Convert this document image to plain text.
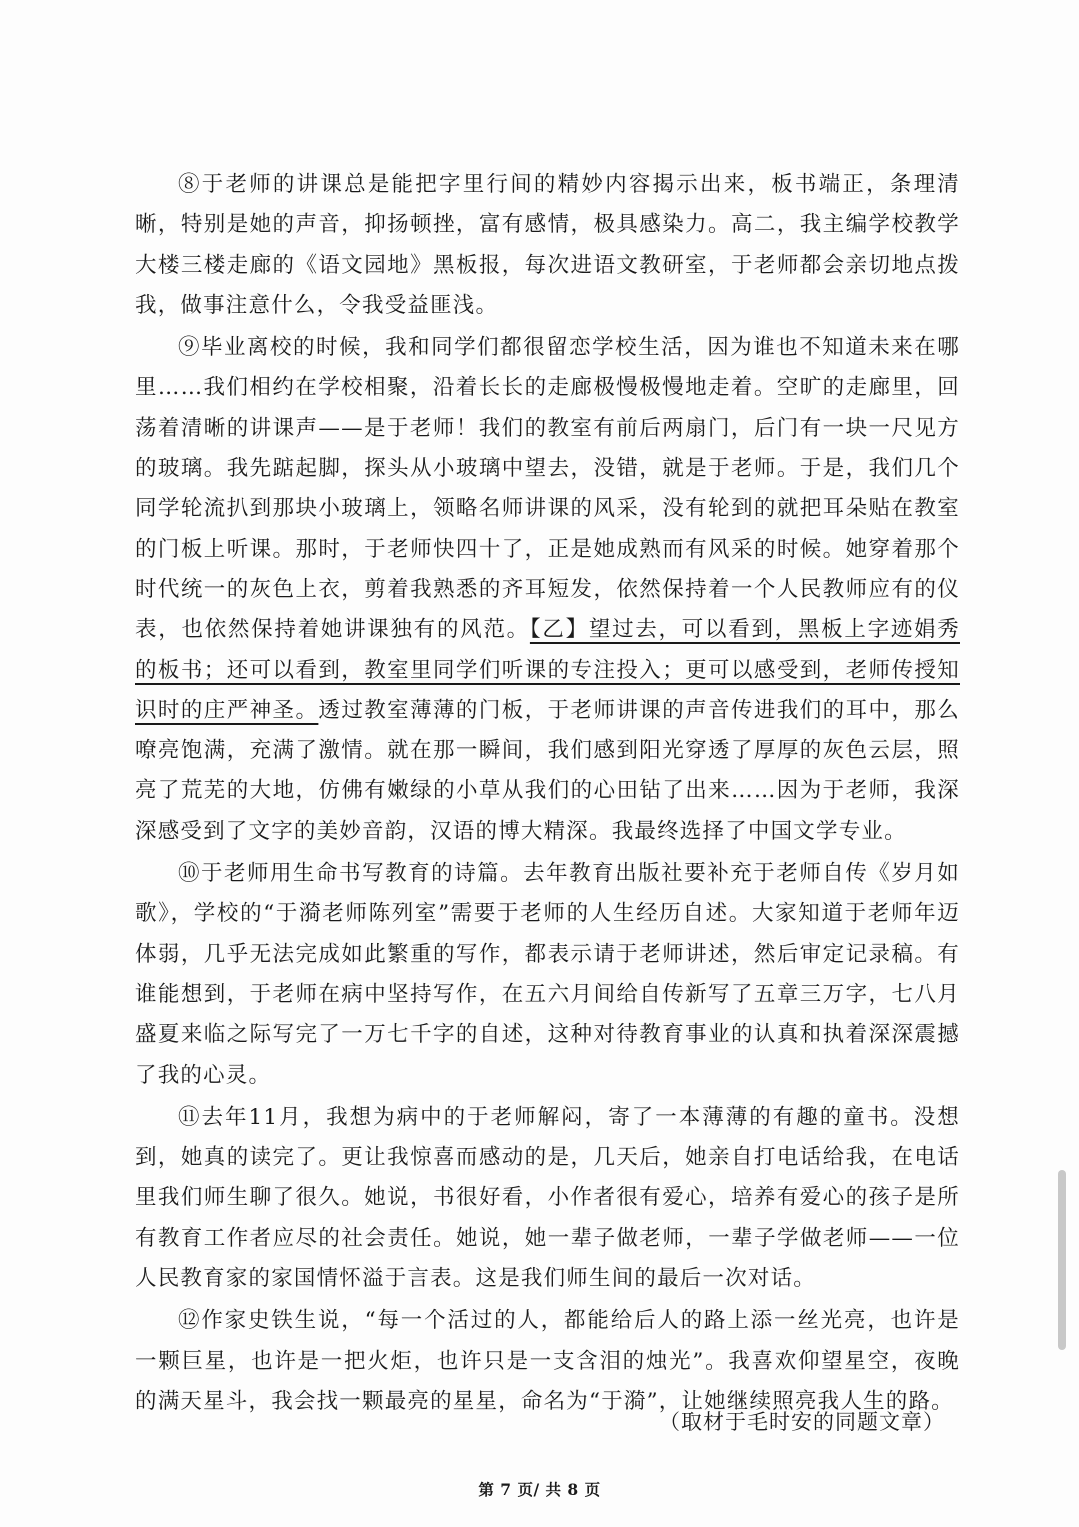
⑧于老师的讲课总是能把字里行间的精妙内容揭示出来，板书端正，条理清晰，特别是她的声音，抑扬顿挫，富有感情，极具感染力。高二，我主编学校教学大楼三楼走廊的《语文园地》黑板报，每次进语文教研室，于老师都会亲切地点拨我，做事注意什么，令我受益匪浅。

⑨毕业离校的时候，我和同学们都很留恋学校生活，因为谁也不知道未来在哪里……我们相约在学校相聚，沿着长长的走廊极慢极慢地走着。空旷的走廊里，回荡着清晰的讲课声——是于老师！我们的教室有前后两扇门，后门有一块一尺见方的玻璃。我先踮起脚，探头从小玻璃中望去，没错，就是于老师。于是，我们几个同学轮流扒到那块小玻璃上，领略名师讲课的风采，没有轮到的就把耳朵贴在教室的门板上听课。那时，于老师快四十了，正是她成熟而有风采的时候。她穿着那个时代统一的灰色上衣，剪着我熟悉的齐耳短发，依然保持着一个人民教师应有的仪表，也依然保持着她讲课独有的风范。【乙】望过去，可以看到，黑板上字迹娟秀的板书；还可以看到，教室里同学们听课的专注投入；更可以感受到，老师传授知识时的庄严神圣。透过教室薄薄的门板，于老师讲课的声音传进我们的耳中，那么嘹亮饱满，充满了激情。就在那一瞬间，我们感到阳光穿透了厚厚的灰色云层，照亮了荒芜的大地，仿佛有嫩绿的小草从我们的心田钻了出来……因为于老师，我深深感受到了文字的美妙音韵，汉语的博大精深。我最终选择了中国文学专业。

⑩于老师用生命书写教育的诗篇。去年教育出版社要补充于老师自传《岁月如歌》，学校的“于漪老师陈列室”需要于老师的人生经历自述。大家知道于老师年迈体弱，几乎无法完成如此繁重的写作，都表示请于老师讲述，然后审定记录稿。有谁能想到，于老师在病中坚持写作，在五六月间给自传新写了五章三万字，七八月盛夏来临之际写完了一万七千字的自述，这种对待教育事业的认真和执着深深震撼了我的心灵。

⑪去年11月，我想为病中的于老师解闷，寄了一本薄薄的有趣的童书。没想到，她真的读完了。更让我惊喜而感动的是，几天后，她亲自打电话给我，在电话里我们师生聊了很久。她说，书很好看，小作者很有爱心，培养有爱心的孩子是所有教育工作者应尽的社会责任。她说，她一辈子做老师，一辈子学做老师——一位人民教育家的家国情怀溢于言表。这是我们师生间的最后一次对话。

⑫作家史铁生说，“每一个活过的人，都能给后人的路上添一丝光亮，也许是一颗巨星，也许是一把火炬，也许只是一支含泪的烛光”。我喜欢仰望星空，夜晚的满天星斗，我会找一颗最亮的星星，命名为“于漪”，让她继续照亮我人生的路。

（取材于毛时安的同题文章）
第 7 页/ 共 8 页
